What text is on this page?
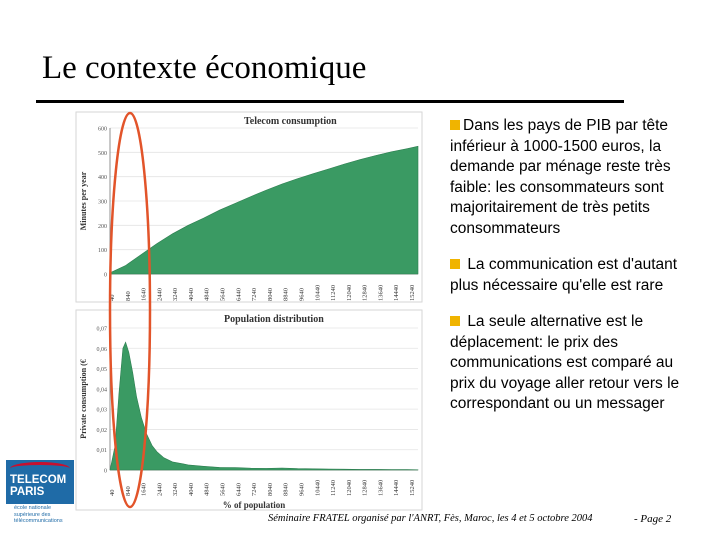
Le contexte économique
Telecom consumption
0
100
200
300
400
500
600
40 840 1640 2440 3240 4040 4840 5640 6440 7240 8040 8840 9640 10440 11240 12040 12840 13640 14440 15240
Minutes per year
Population distribution
0
0,01
0,02
0,03
0,04
0,05
0,06
0,07
40 840 1640 2440 3240 4040 4840 5640 6440 7240 8040 8840 9640 10440 11240 12040 12840 13640 14440 15240
Private consumption (€
% of population
Dans les pays de PIB par tête inférieur à 1000-1500 euros, la demande par ménage reste très faible: les consommateurs sont majoritairement de très petits consommateurs
La communication est d'autant plus nécessaire qu'elle est rare
La seule alternative est le déplacement: le prix des communications est comparé au prix du voyage aller retour vers le correspondant ou un messager
Séminaire FRATEL organisé par l'ANRT, Fès, Maroc, les 4 et 5 octobre 2004	- Page 2
TELECOM
PARIS
école nationale supérieure des télécommunications
